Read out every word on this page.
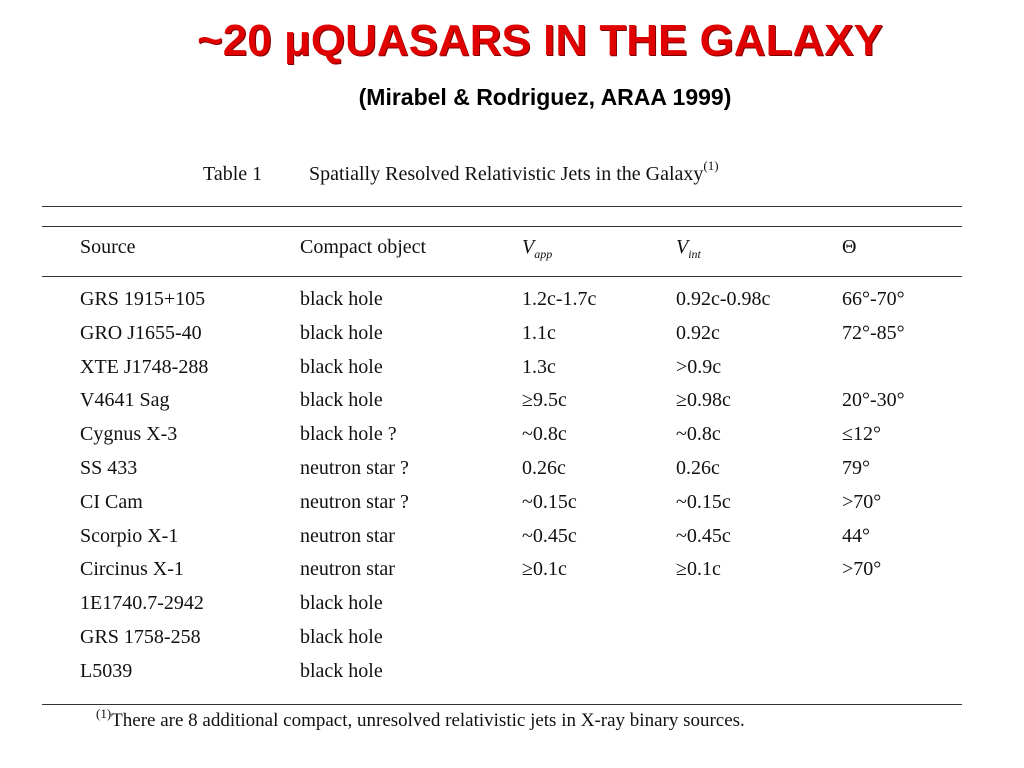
~20 μQUASARS IN THE GALAXY
(Mirabel & Rodriguez, ARAA 1999)
Table 1 Spatially Resolved Relativistic Jets in the Galaxy$^{(1)}$
Source	Compact object	$V_{app}$	$V_{int}$	Θ
GRS 1915+105	black hole	1.2c-1.7c	0.92c-0.98c	66°-70°
GRO J1655-40	black hole	1.1c	0.92c	72°-85°
XTE J1748-288	black hole	1.3c	>0.9c
V4641 Sag	black hole	≥9.5c	≥0.98c	20°-30°
Cygnus X-3	black hole ?	~0.8c	~0.8c	≤12°
SS 433	neutron star ?	0.26c	0.26c	79°
CI Cam	neutron star ?	~0.15c	~0.15c	>70°
Scorpio X-1	neutron star	~0.45c	~0.45c	44°
Circinus X-1	neutron star	≥0.1c	≥0.1c	>70°
1E1740.7-2942	black hole
GRS 1758-258	black hole
L5039	black hole
$^{(1)}$There are 8 additional compact, unresolved relativistic jets in X-ray binary sources.
